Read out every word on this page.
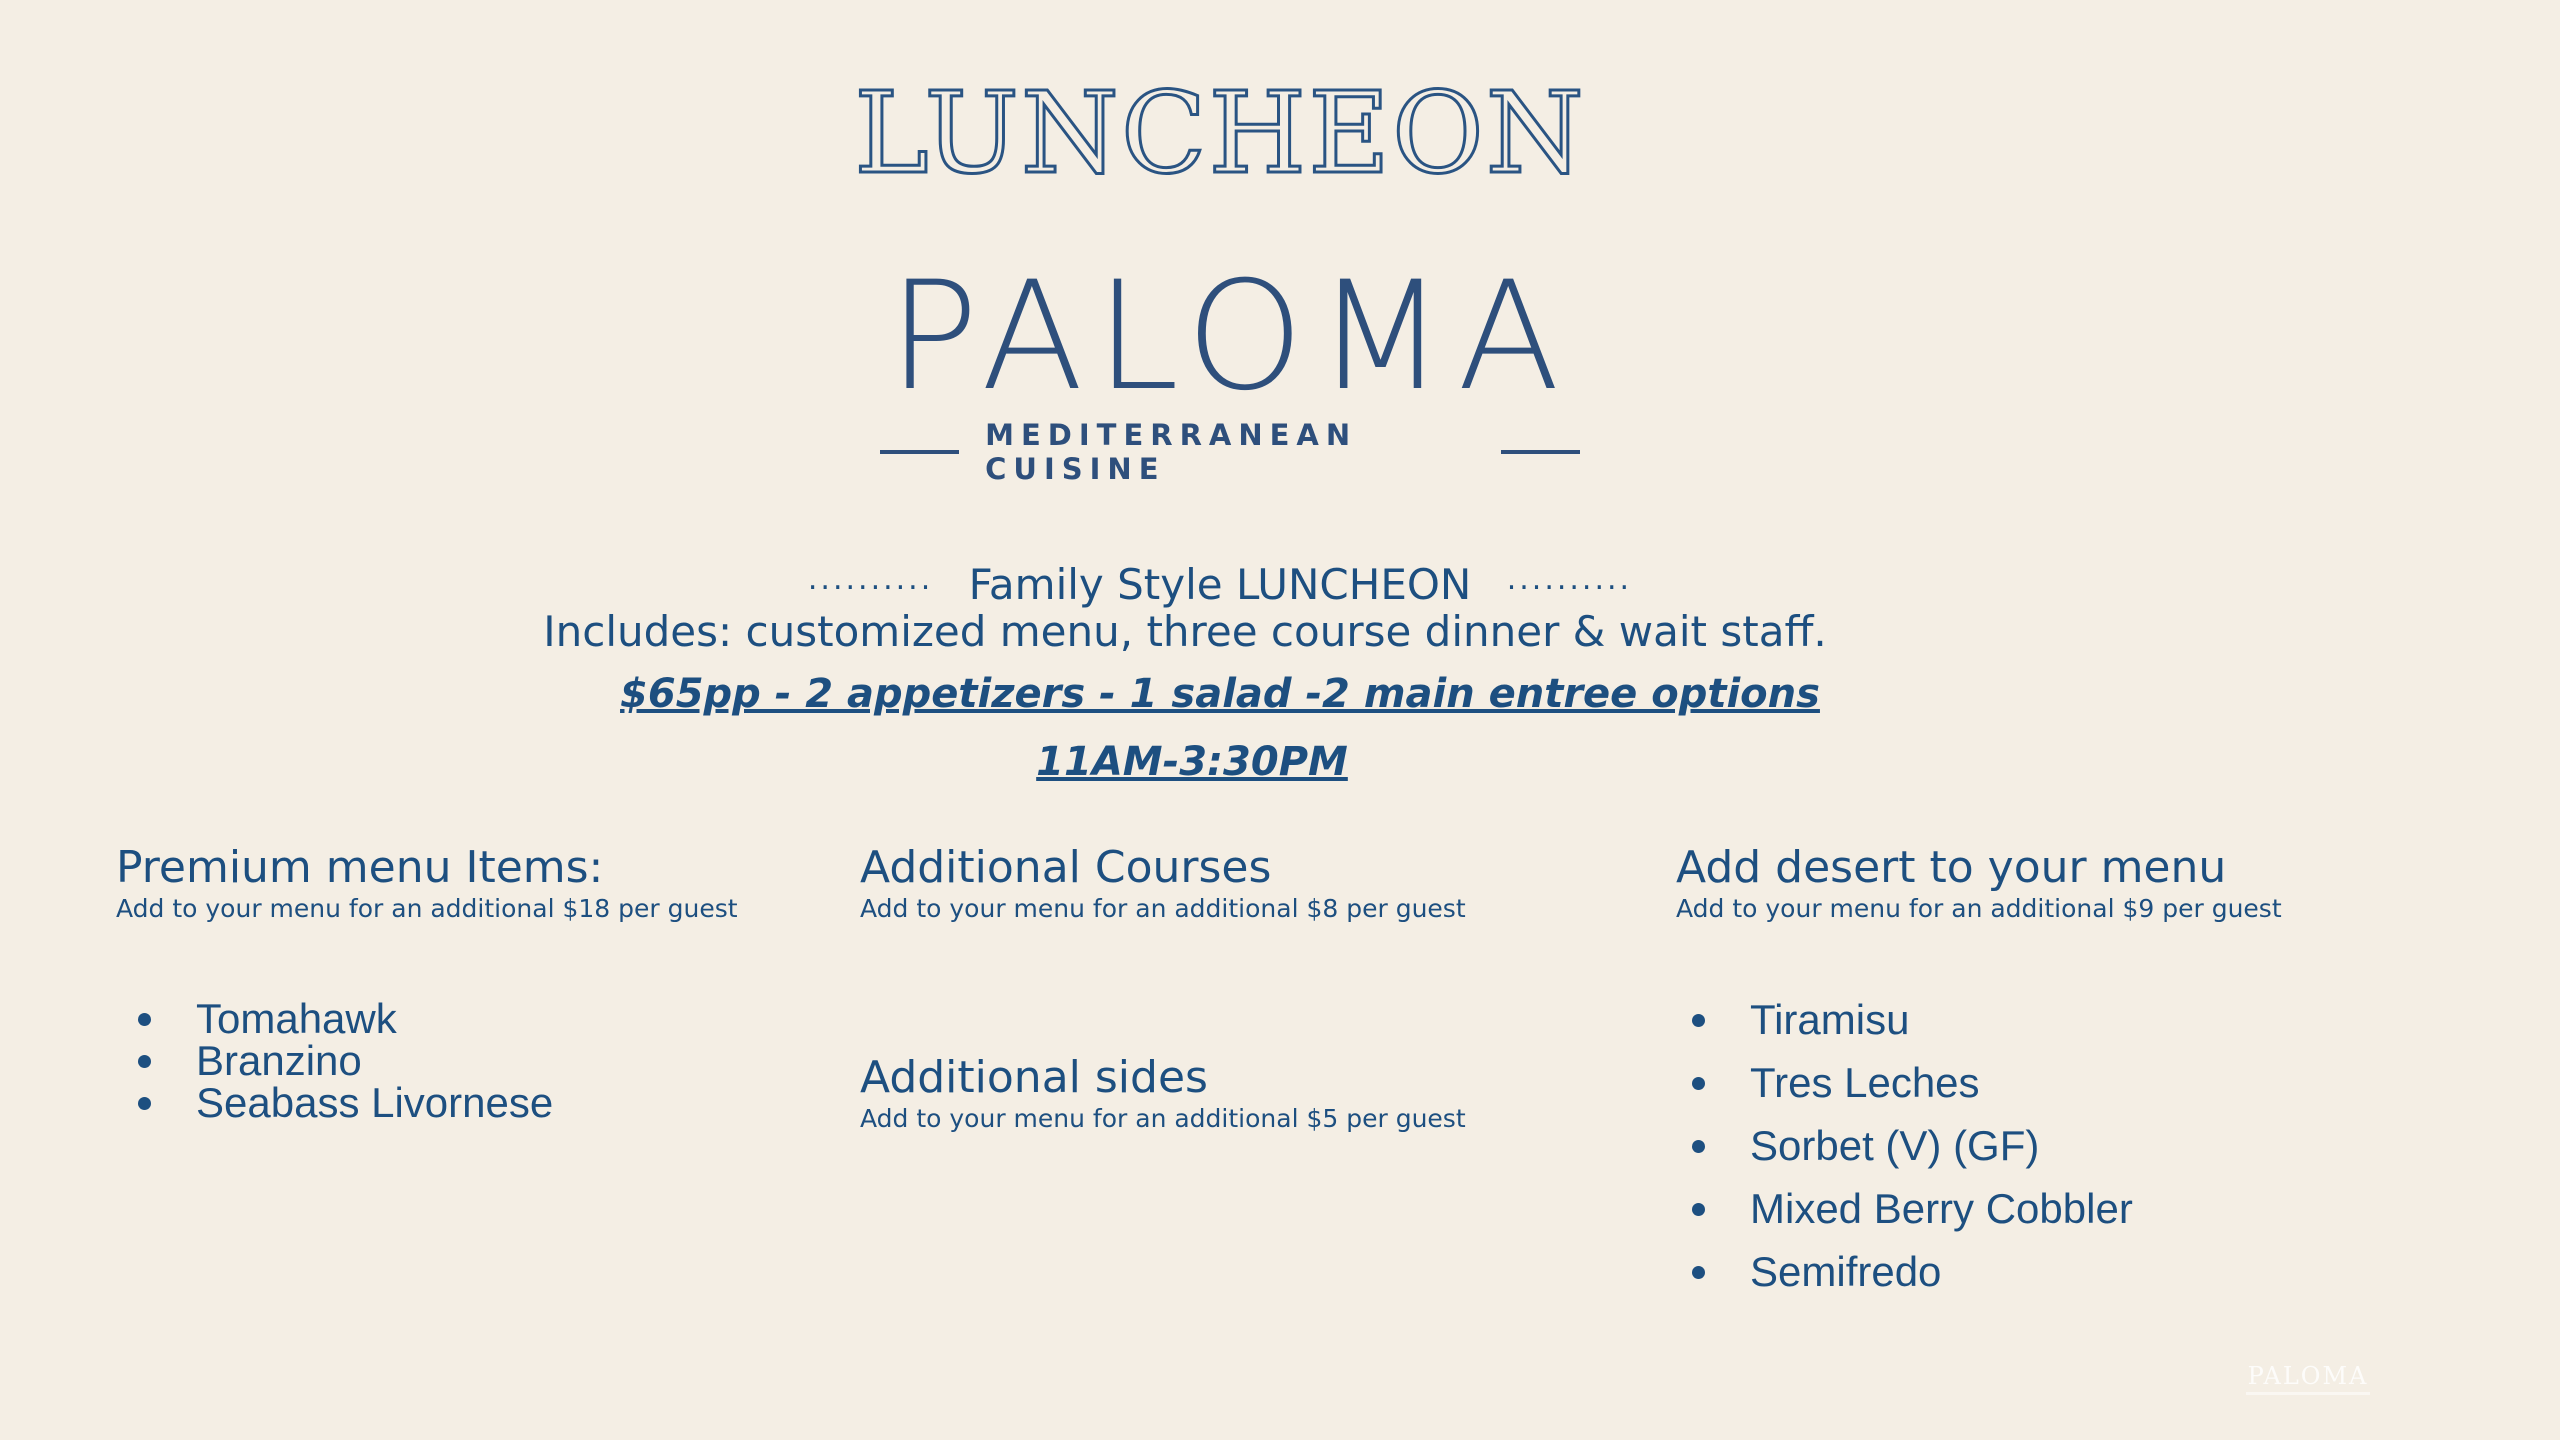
LUNCHEON
PALOMA
MEDITERRANEAN CUISINE
.......... Family Style LUNCHEON ..........
Includes: customized menu, three course dinner & wait staff.
$65pp - 2 appetizers - 1 salad -2 main entree options
11AM-3:30PM
Premium menu Items:
Add to your menu for an additional $18 per guest
Tomahawk
Branzino
Seabass Livornese
Additional Courses
Add to your menu for an additional $8 per guest
Additional sides
Add to your menu for an additional $5 per guest
Add desert to your menu
Add to your menu for an additional $9 per guest
Tiramisu
Tres Leches
Sorbet (V) (GF)
Mixed Berry Cobbler
Semifredo
PALOMA
